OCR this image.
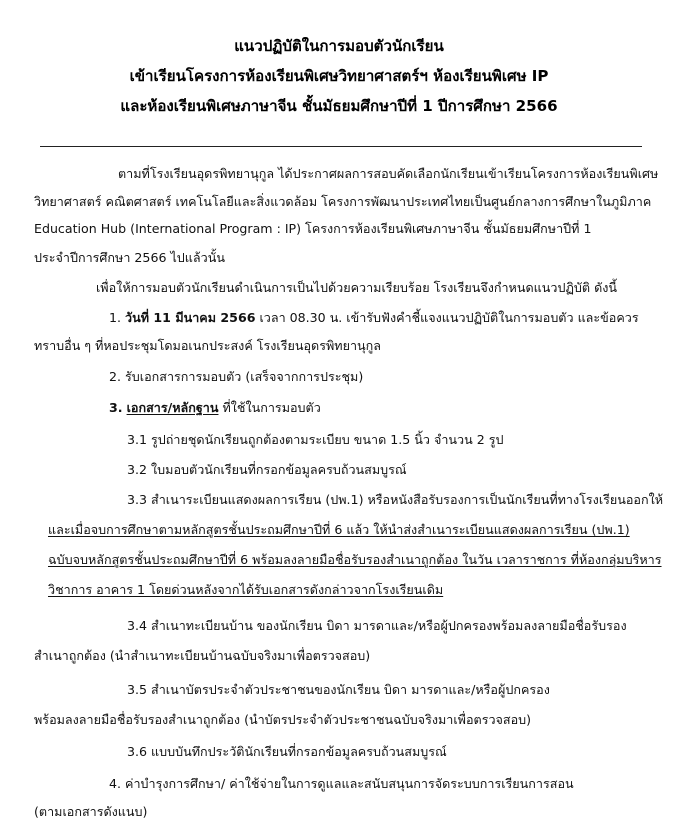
แนวปฏิบัติในการมอบตัวนักเรียน
เข้าเรียนโครงการห้องเรียนพิเศษวิทยาศาสตร์ฯ ห้องเรียนพิเศษ IP
และห้องเรียนพิเศษภาษาจีน ชั้นมัธยมศึกษาปีที่ 1 ปีการศึกษา 2566
ตามที่โรงเรียนอุดรพิทยานุกูล ได้ประกาศผลการสอบคัดเลือกนักเรียนเข้าเรียนโครงการห้องเรียนพิเศษ
วิทยาศาสตร์ คณิตศาสตร์ เทคโนโลยีและสิ่งแวดล้อม โครงการพัฒนาประเทศไทยเป็นศูนย์กลางการศึกษาในภูมิภาค
Education Hub (International Program : IP) โครงการห้องเรียนพิเศษภาษาจีน ชั้นมัธยมศึกษาปีที่ 1
ประจำปีการศึกษา 2566 ไปแล้วนั้น
เพื่อให้การมอบตัวนักเรียนดำเนินการเป็นไปด้วยความเรียบร้อย โรงเรียนจึงกำหนดแนวปฏิบัติ ดังนี้
1. วันที่ 11 มีนาคม 2566 เวลา 08.30 น. เข้ารับฟังคำชี้แจงแนวปฏิบัติในการมอบตัว และข้อควร
ทราบอื่น ๆ ที่หอประชุมโดมอเนกประสงค์ โรงเรียนอุดรพิทยานุกูล
2. รับเอกสารการมอบตัว (เสร็จจากการประชุม)
3. เอกสาร/หลักฐาน ที่ใช้ในการมอบตัว
3.1 รูปถ่ายชุดนักเรียนถูกต้องตามระเบียบ ขนาด 1.5 นิ้ว จำนวน 2 รูป
3.2 ใบมอบตัวนักเรียนที่กรอกข้อมูลครบถ้วนสมบูรณ์
3.3 สำเนาระเบียนแสดงผลการเรียน (ปพ.1) หรือหนังสือรับรองการเป็นนักเรียนที่ทางโรงเรียนออกให้
และเมื่อจบการศึกษาตามหลักสูตรชั้นประถมศึกษาปีที่ 6 แล้ว ให้นำส่งสำเนาระเบียนแสดงผลการเรียน (ปพ.1)
ฉบับจบหลักสูตรชั้นประถมศึกษาปีที่ 6 พร้อมลงลายมือชื่อรับรองสำเนาถูกต้อง ในวัน เวลาราชการ ที่ห้องกลุ่มบริหาร
วิชาการ อาคาร 1 โดยด่วนหลังจากได้รับเอกสารดังกล่าวจากโรงเรียนเดิม
3.4 สำเนาทะเบียนบ้าน ของนักเรียน บิดา มารดาและ/หรือผู้ปกครองพร้อมลงลายมือชื่อรับรอง
สำเนาถูกต้อง (นำสำเนาทะเบียนบ้านฉบับจริงมาเพื่อตรวจสอบ)
3.5 สำเนาบัตรประจำตัวประชาชนของนักเรียน บิดา มารดาและ/หรือผู้ปกครอง
พร้อมลงลายมือชื่อรับรองสำเนาถูกต้อง (นำบัตรประจำตัวประชาชนฉบับจริงมาเพื่อตรวจสอบ)
3.6 แบบบันทึกประวัตินักเรียนที่กรอกข้อมูลครบถ้วนสมบูรณ์
4. ค่าบำรุงการศึกษา/ ค่าใช้จ่ายในการดูแลและสนับสนุนการจัดระบบการเรียนการสอน
(ตามเอกสารดังแนบ)
